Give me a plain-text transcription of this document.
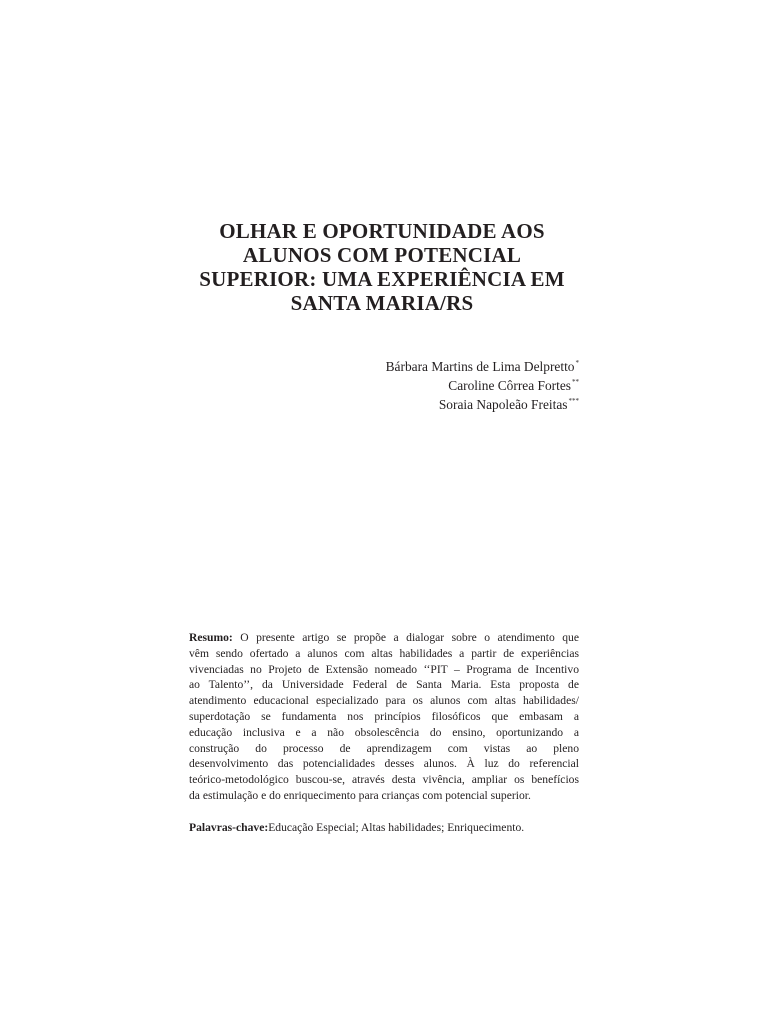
OLHAR E OPORTUNIDADE AOS
ALUNOS COM POTENCIAL
SUPERIOR: UMA EXPERIÊNCIA EM
SANTA MARIA/RS
Bárbara Martins de Lima Delpretto*
Caroline Côrrea Fortes**
Soraia Napoleão Freitas***
Resumo: O presente artigo se propõe a dialogar sobre o atendimento que
vêm sendo ofertado a alunos com altas habilidades a partir de experiências
vivenciadas no Projeto de Extensão nomeado ‘‘PIT – Programa de Incentivo
ao Talento’’, da Universidade Federal de Santa Maria. Esta proposta de
atendimento educacional especializado para os alunos com altas habilidades/
superdotação se fundamenta nos princípios filosóficos que embasam a
educação inclusiva e a não obsolescência do ensino, oportunizando a
construção do processo de aprendizagem com vistas ao pleno
desenvolvimento das potencialidades desses alunos. À luz do referencial
teórico-metodológico buscou-se, através desta vivência, ampliar os benefícios
da estimulação e do enriquecimento para crianças com potencial superior.
Palavras-chave:Educação Especial; Altas habilidades; Enriquecimento.
